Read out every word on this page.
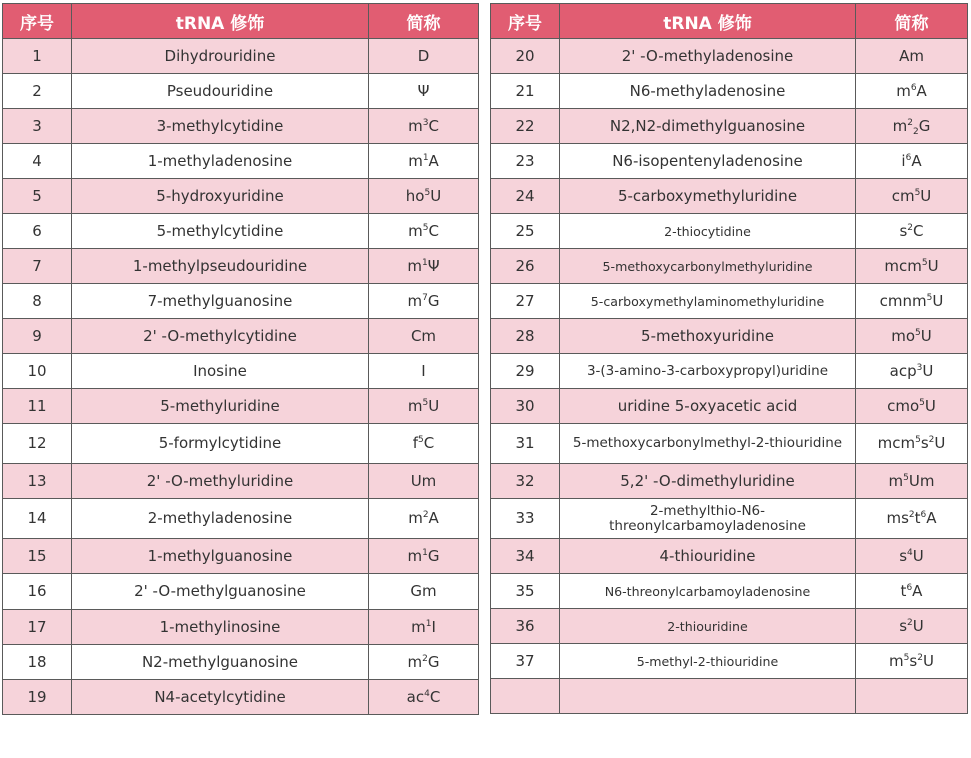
序号	tRNA 修饰	简称
1	Dihydrouridine	D
2	Pseudouridine	Ψ
3	3-methylcytidine	$m^3C$
4	1-methyladenosine	$m^1A$
5	5-hydroxyuridine	$ho^5U$
6	5-methylcytidine	$m^5C$
7	1-methylpseudouridine	$m^1\Psi$
8	7-methylguanosine	$m^7G$
9	2' -O-methylcytidine	Cm
10	Inosine	I
11	5-methyluridine	$m^5U$
12	5-formylcytidine	$f^5C$
13	2' -O-methyluridine	Um
14	2-methyladenosine	$m^2A$
15	1-methylguanosine	$m^1G$
16	2' -O-methylguanosine	Gm
17	1-methylinosine	$m^1I$
18	N2-methylguanosine	$m^2G$
19	N4-acetylcytidine	$ac^4C$
序号	tRNA 修饰	简称
20	2' -O-methyladenosine	Am
21	N6-methyladenosine	$m^6A$
22	N2,N2-dimethylguanosine	$m^2_2G$
23	N6-isopentenyladenosine	$i^6A$
24	5-carboxymethyluridine	$cm^5U$
25	2-thiocytidine	$s^2C$
26	5-methoxycarbonylmethyluridine	mcm$^5$U
27	5-carboxymethylaminomethyluridine	cmnm$^5$U
28	5-methoxyuridine	$mo^5U$
29	3-(3-amino-3-carboxypropyl)uridine	acp$^3$U
30	uridine 5-oxyacetic acid	cmo$^5$U
31	5-methoxycarbonylmethyl-2-thiouridine	$mcm^5s^2U$
32	5,2' -O-dimethyluridine	$m^5Um$
33	2-methylthio-N6-threonylcarbamoyladenosine	$ms^2t^6A$
34	4-thiouridine	$s^4U$
35	N6-threonylcarbamoyladenosine	$t^6A$
36	2-thiouridine	$s^2U$
37	5-methyl-2-thiouridine	$m^5s^2U$
